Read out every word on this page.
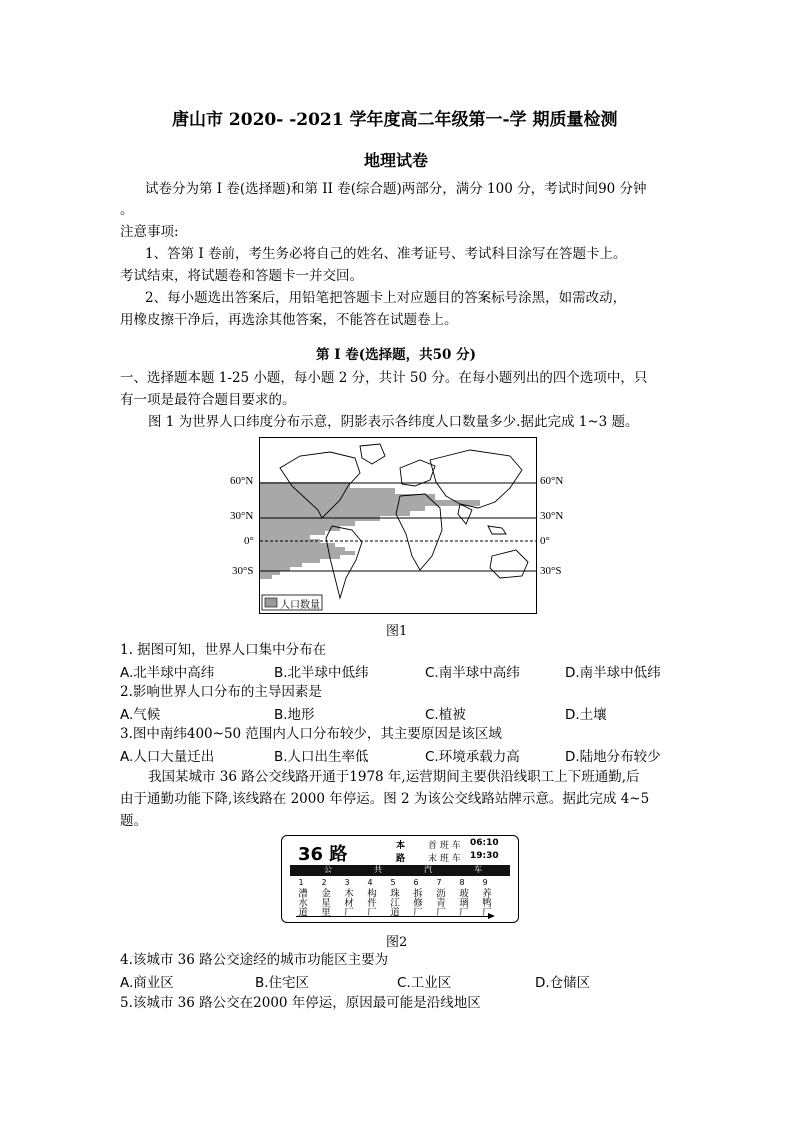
唐山市 2020- -2021 学年度高二年级第一-学 期质量检测
地理试卷
试卷分为第 I 卷(选择题)和第 II 卷(综合题)两部分，满分 100 分，考试时间90 分钟
。
注意事项:
1、答第 I 卷前，考生务必将自己的姓名、准考证号、考试科目涂写在答题卡上。
考试结束，将试题卷和答题卡一并交回。
2、每小题选出答案后，用铅笔把答题卡上对应题目的答案标号涂黑，如需改动，
用橡皮擦干净后，再选涂其他答案，不能答在试题卷上。
第 I 卷(选择题，共50 分)
一、选择题本题 1-25 小题，每小题 2 分，共计 50 分。在每小题列出的四个选项中，只
有一项是最符合题目要求的。
图 1 为世界人口纬度分布示意，阴影表示各纬度人口数量多少.据此完成 1~3 题。
60°N
30°N
0°
30°S
60°N
30°N
0°
30°S
人口数量
图1
1. 据图可知，世界人口集中分布在
A.北半球中高纬	B.北半球中低纬	C.南半球中高纬	D.南半球中低纬
2.影响世界人口分布的主导因素是
A.气候	B.地形	C.植被	D.土壤
3.图中南纬400~50 范围内人口分布较少，其主要原因是该区域
A.人口大量迁出	B.人口出生率低	C.环境承载力高	D.陆地分布较少
我国某城市 36 路公交线路开通于1978 年,运营期间主要供沿线职工上下班通勤,后
由于通勤功能下降,该线路在 2000 年停运。图 2 为该公交线路站牌示意。据此完成 4~5
题。
36 路	本
路
首 班 车
末 班 车
06:10
19:30
公	共	汽	车
1
漕水道
2
金星里
3
木材厂
4
构件厂
5
珠江道
6
拆修厂
7
沥青厂
8
玻璃厂
9
养鸭厂
图2
4.该城市 36 路公交途经的城市功能区主要为
A.商业区	B.住宅区	C.工业区	D.仓储区
5.该城市 36 路公交在2000 年停运，原因最可能是沿线地区
